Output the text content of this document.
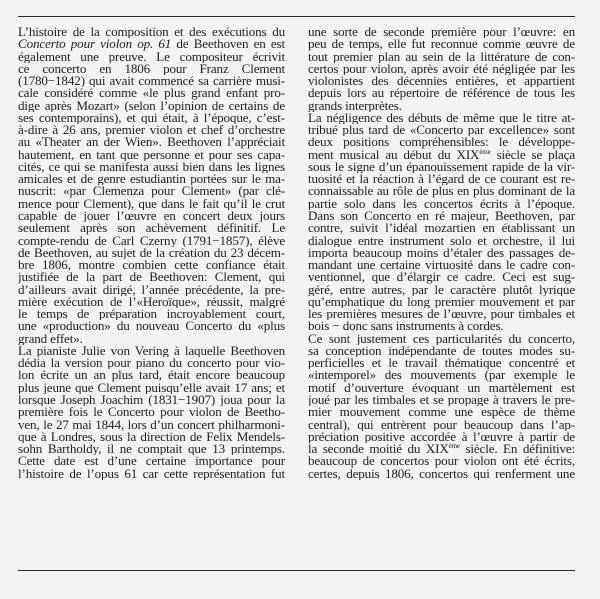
L’histoire de la composition et des exécutions du
Concerto pour violon op. 61 de Beethoven en est
également une preuve. Le compositeur écrivit
ce concerto en 1806 pour Franz Clement
(1780−1842) qui avait commencé sa carrière musi-
cale considéré comme «le plus grand enfant pro-
dige après Mozart» (selon l’opinion de certains de
ses contemporains), et qui était, à l’époque, c’est-
à-dire à 26 ans, premier violon et chef d’orchestre
au «Theater an der Wien». Beethoven l’appréciait
hautement, en tant que personne et pour ses capa-
cités, ce qui se manifesta aussi bien dans les lignes
amicales et de genre estudiantin portées sur le ma-
nuscrit: «par Clemenza pour Clement» (par clé-
mence pour Clement), que dans le fait qu’il le crut
capable de jouer l’œuvre en concert deux jours
seulement après son achèvement définitif. Le
compte-rendu de Carl Czerny (1791−1857), élève
de Beethoven, au sujet de la création du 23 décem-
bre 1806, montre combien cette confiance était
justifiée de la part de Beethoven: Clement, qui
d’ailleurs avait dirigé, l’année précédente, la pre-
mière exécution de l’«Heroïque», réussit, malgré
le temps de préparation incroyablement court,
une «production» du nouveau Concerto du «plus
grand effet».
La pianiste Julie von Vering à laquelle Beethoven
dédia la version pour piano du concerto pour vio-
lon écrite un an plus tard, était encore beaucoup
plus jeune que Clement puisqu’elle avait 17 ans; et
lorsque Joseph Joachim (1831−1907) joua pour la
première fois le Concerto pour violon de Beetho-
ven, le 27 mai 1844, lors d’un concert philharmoni-
que à Londres, sous la direction de Felix Mendels-
sohn Bartholdy, il ne comptait que 13 printemps.
Cette date est d’une certaine importance pour
l’histoire de l’opus 61 car cette représentation fut
une sorte de seconde première pour l’œuvre: en
peu de temps, elle fut reconnue comme œuvre de
tout premier plan au sein de la littérature de con-
certos pour violon, après avoir été négligée par les
violonistes des décennies entières, et appartient
depuis lors au répertoire de référence de tous les
grands interprètes.
La négligence des débuts de même que le titre at-
tribué plus tard de «Concerto par excellence» sont
deux positions compréhensibles: le développe-
ment musical au début du XIXème siècle se plaça
sous le signe d’un épanouissement rapide de la vir-
tuosité et la réaction à l’égard de ce courant est re-
connaissable au rôle de plus en plus dominant de la
partie solo dans les concertos écrits à l’époque.
Dans son Concerto en ré majeur, Beethoven, par
contre, suivit l’idéal mozartien en établissant un
dialogue entre instrument solo et orchestre, il lui
importa beaucoup moins d’étaler des passages de-
mandant une certaine virtuosité dans le cadre con-
ventionnel, que d’élargir ce cadre. Ceci est sug-
géré, entre autres, par le caractère plutôt lyrique
qu’emphatique du long premier mouvement et par
les premières mesures de l’œuvre, pour timbales et
bois − donc sans instruments à cordes.
Ce sont justement ces particularités du concerto,
sa conception indépendante de toutes modes su-
perficielles et le travail thématique concentré et
«intemporel» des mouvements (par exemple le
motif d’ouverture évoquant un martèlement est
joué par les timbales et se propage à travers le pre-
mier mouvement comme une espèce de thème
central), qui entrèrent pour beaucoup dans l’ap-
préciation positive accordée à l’œuvre à partir de
la seconde moitié du XIXème siècle. En définitive:
beaucoup de concertos pour violon ont été écrits,
certes, depuis 1806, concertos qui renferment une
